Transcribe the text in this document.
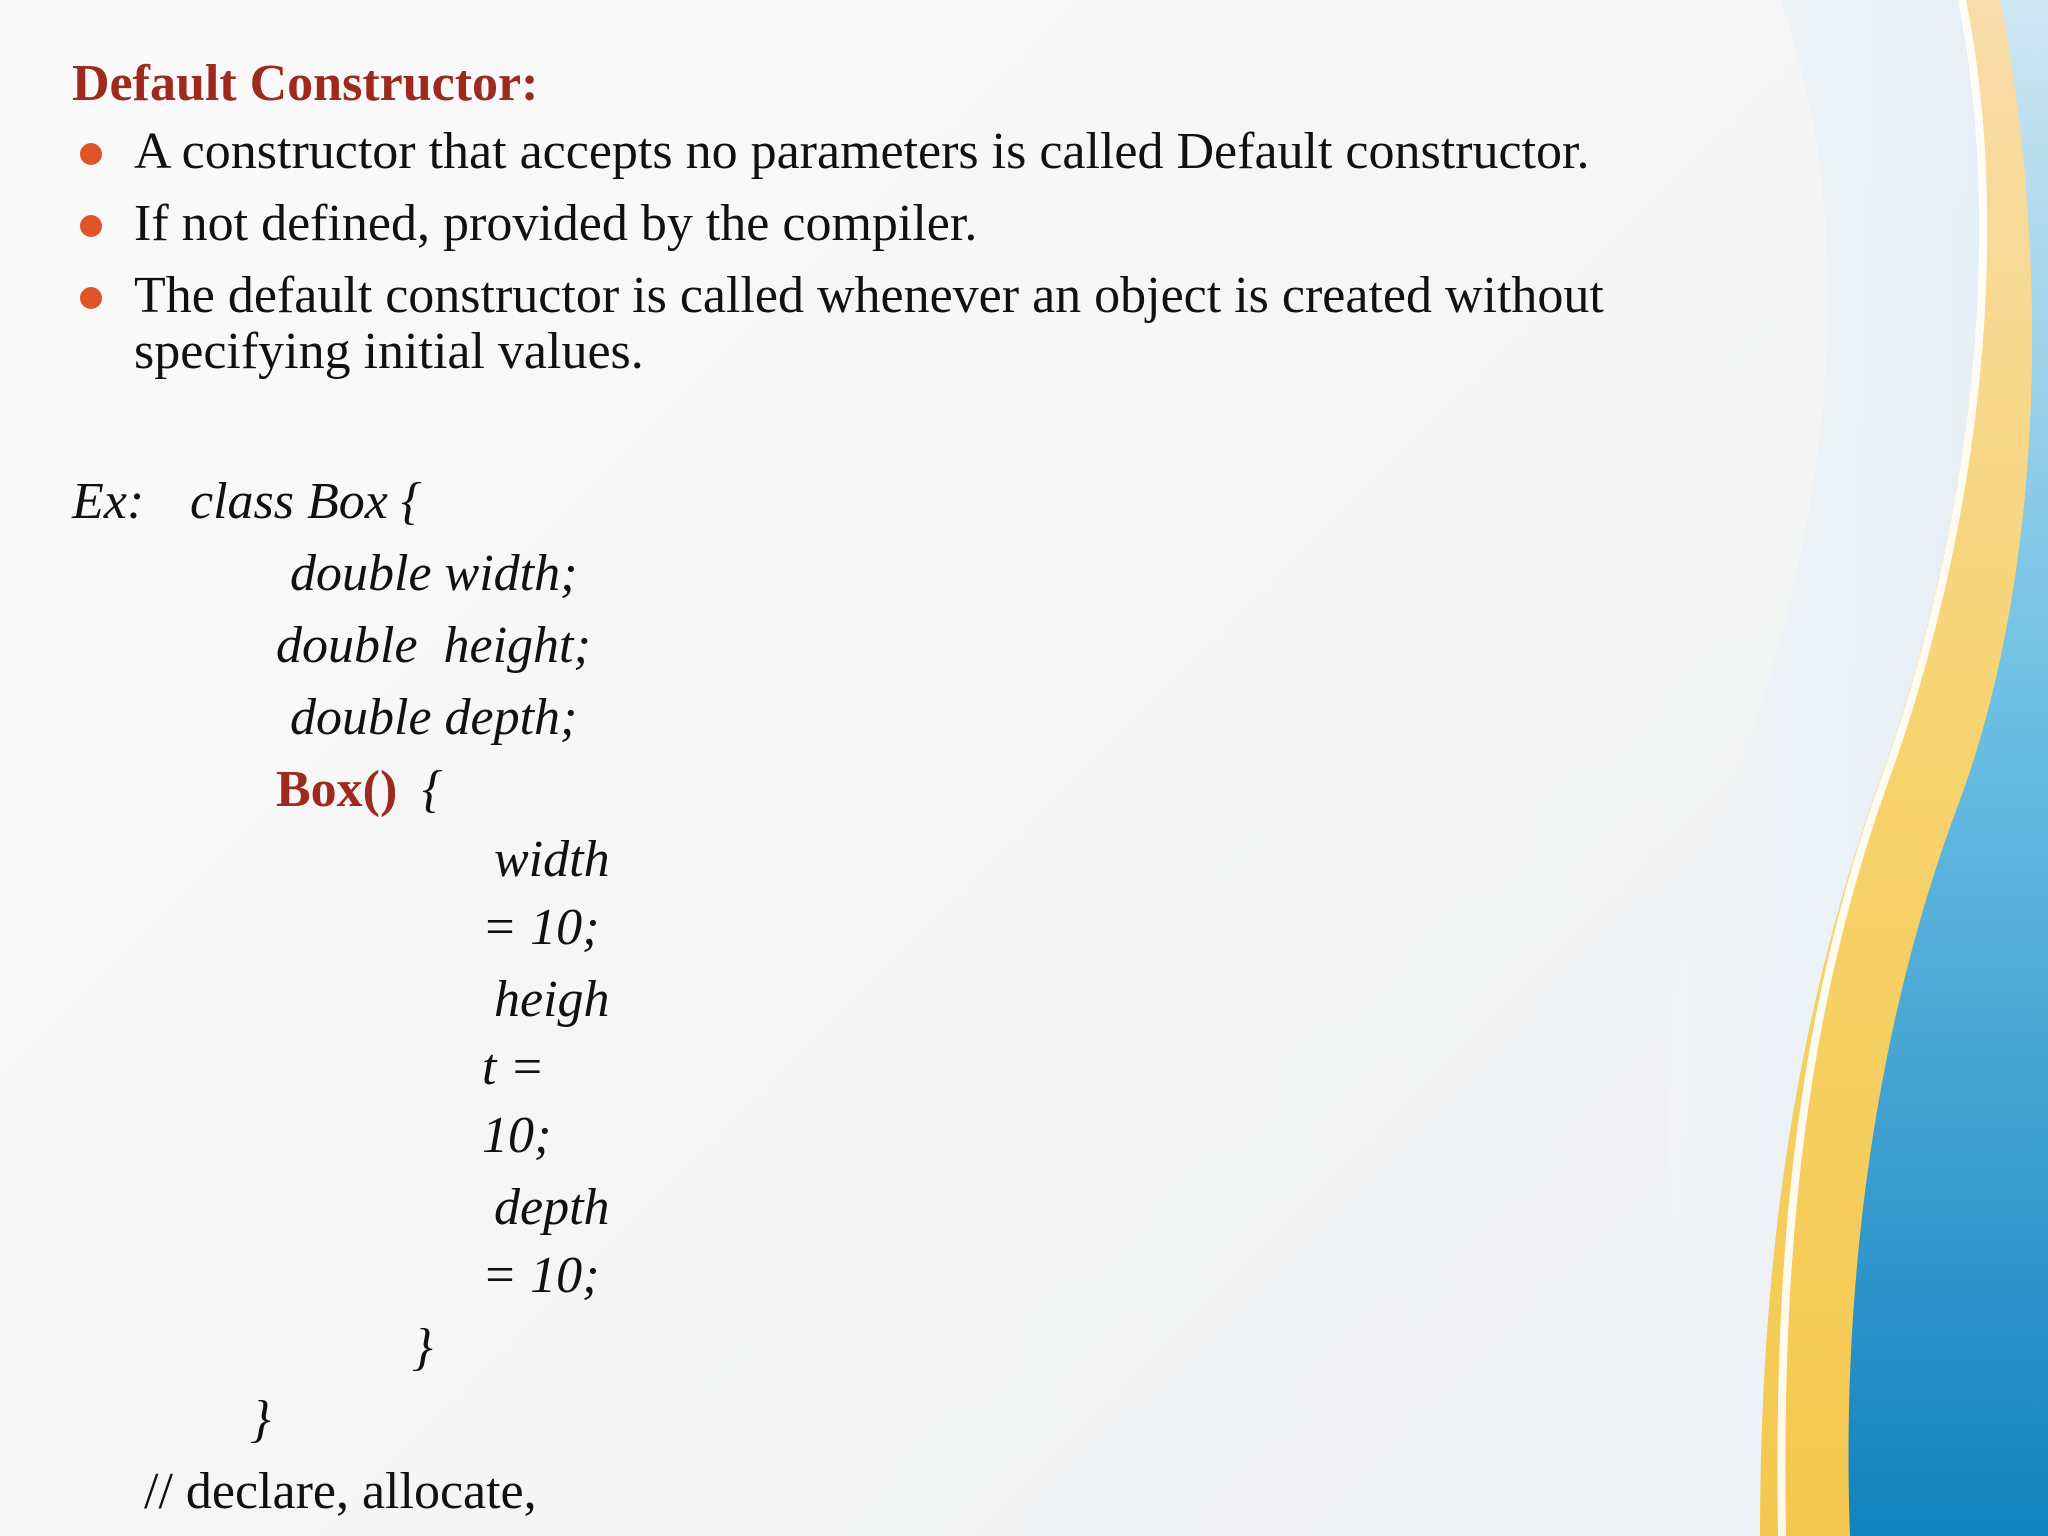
Default Constructor:
A constructor that accepts no parameters is called Default constructor.
If not defined, provided by the compiler.
The default constructor is called whenever an object is created without specifying initial values.
Ex: class Box {
double width;
double  height;
double depth;
Box() {
width
= 10;
heigh
t =
10;
depth
= 10;
}
}
// declare, allocate,
